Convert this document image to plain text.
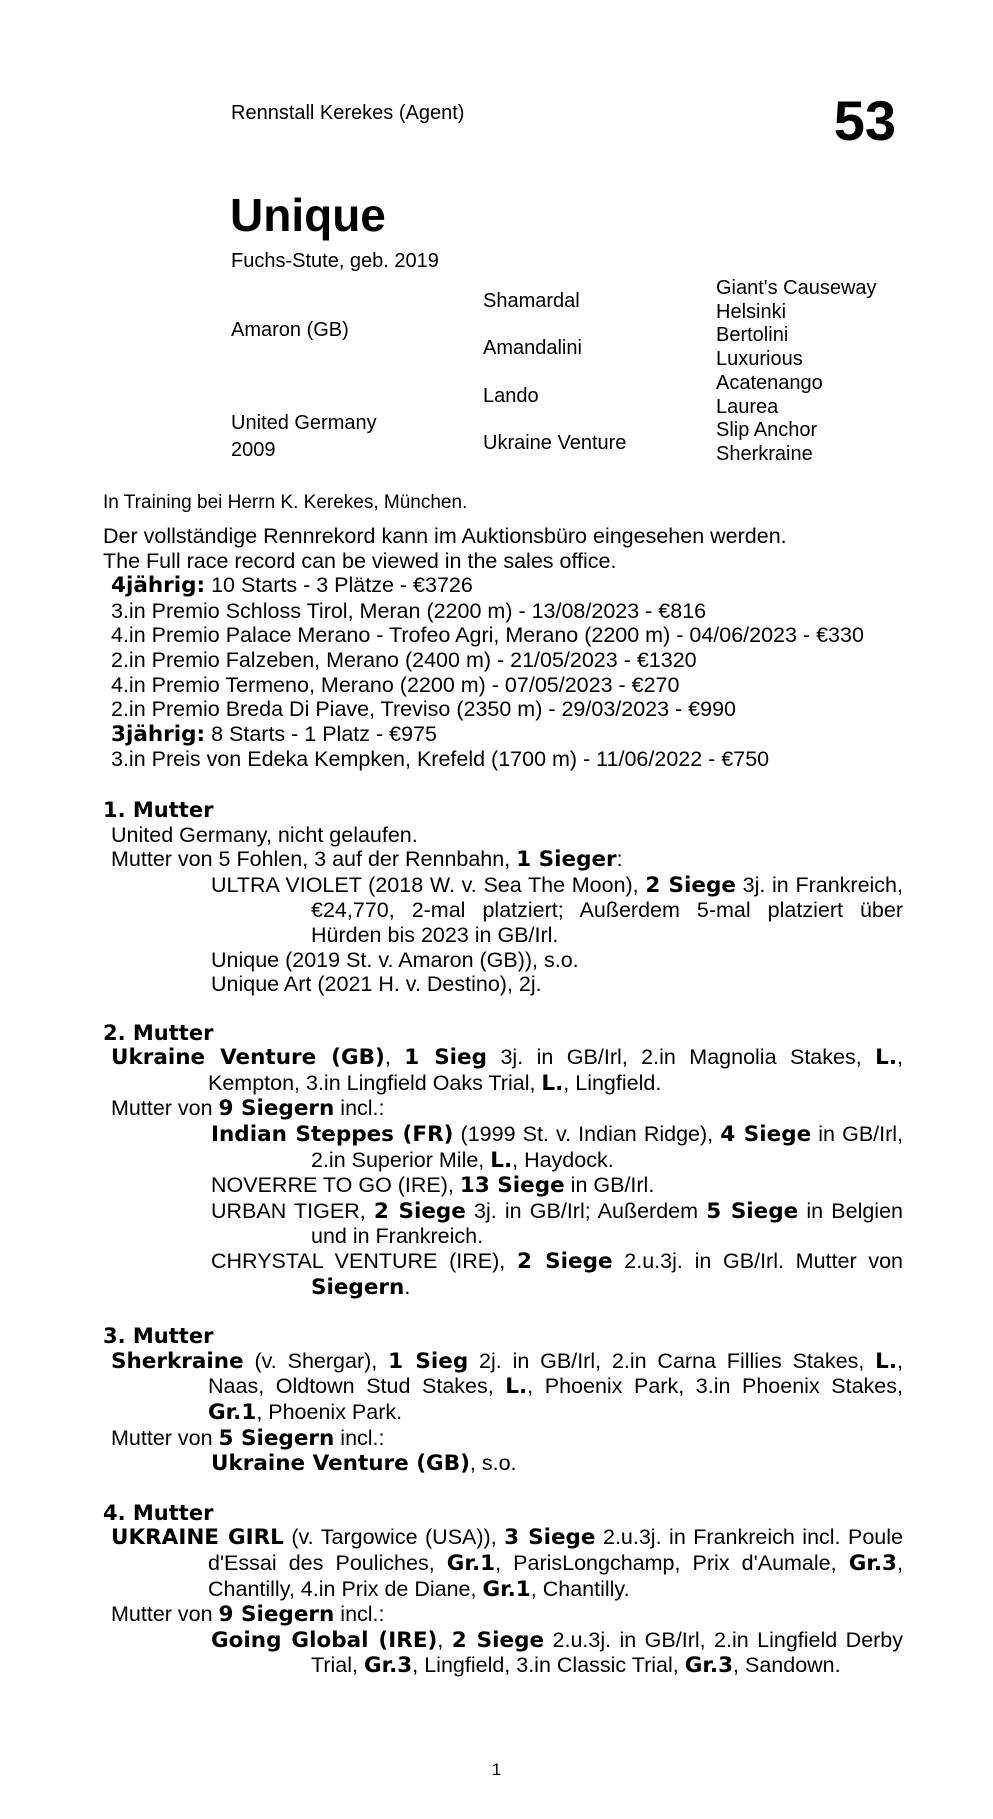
Rennstall Kerekes (Agent)	53
Unique
Fuchs-Stute, geb. 2019
Amaron (GB)
United Germany
2009
Shamardal
Amandalini
Lando
Ukraine Venture
Giant's Causeway
Helsinki
Bertolini
Luxurious
Acatenango
Laurea
Slip Anchor
Sherkraine
In Training bei Herrn K. Kerekes, München.

Der vollständige Rennrekord kann im Auktionsbüro eingesehen werden.

The Full race record can be viewed in the sales office.

4jährig: 10 Starts - 3 Plätze - €3726

3.in Premio Schloss Tirol, Meran (2200 m) - 13/08/2023 - €816

4.in Premio Palace Merano - Trofeo Agri, Merano (2200 m) - 04/06/2023 - €330

2.in Premio Falzeben, Merano (2400 m) - 21/05/2023 - €1320

4.in Premio Termeno, Merano (2200 m) - 07/05/2023 - €270

2.in Premio Breda Di Piave, Treviso (2350 m) - 29/03/2023 - €990

3jährig: 8 Starts - 1 Platz - €975

3.in Preis von Edeka Kempken, Krefeld (1700 m) - 11/06/2022 - €750

1. Mutter

United Germany, nicht gelaufen.

Mutter von 5 Fohlen, 3 auf der Rennbahn, 1 Sieger:

ULTRA VIOLET (2018 W. v. Sea The Moon), 2 Siege 3j. in Frankreich, €24,770, 2-mal platziert; Außerdem 5-mal platziert über Hürden bis 2023 in GB/Irl.

Unique (2019 St. v. Amaron (GB)), s.o.

Unique Art (2021 H. v. Destino), 2j.

2. Mutter

Ukraine Venture (GB), 1 Sieg 3j. in GB/Irl, 2.in Magnolia Stakes, L., Kempton, 3.in Lingfield Oaks Trial, L., Lingfield.

Mutter von 9 Siegern incl.:

Indian Steppes (FR) (1999 St. v. Indian Ridge), 4 Siege in GB/Irl, 2.in Superior Mile, L., Haydock.

NOVERRE TO GO (IRE), 13 Siege in GB/Irl.

URBAN TIGER, 2 Siege 3j. in GB/Irl; Außerdem 5 Siege in Belgien und in Frankreich.

CHRYSTAL VENTURE (IRE), 2 Siege 2.u.3j. in GB/Irl. Mutter von Siegern.

3. Mutter

Sherkraine (v. Shergar), 1 Sieg 2j. in GB/Irl, 2.in Carna Fillies Stakes, L., Naas, Oldtown Stud Stakes, L., Phoenix Park, 3.in Phoenix Stakes, Gr.1, Phoenix Park.

Mutter von 5 Siegern incl.:

Ukraine Venture (GB), s.o.

4. Mutter

UKRAINE GIRL (v. Targowice (USA)), 3 Siege 2.u.3j. in Frankreich incl. Poule d'Essai des Pouliches, Gr.1, ParisLongchamp, Prix d'Aumale, Gr.3, Chantilly, 4.in Prix de Diane, Gr.1, Chantilly.

Mutter von 9 Siegern incl.:

Going Global (IRE), 2 Siege 2.u.3j. in GB/Irl, 2.in Lingfield Derby Trial, Gr.3, Lingfield, 3.in Classic Trial, Gr.3, Sandown.

1
